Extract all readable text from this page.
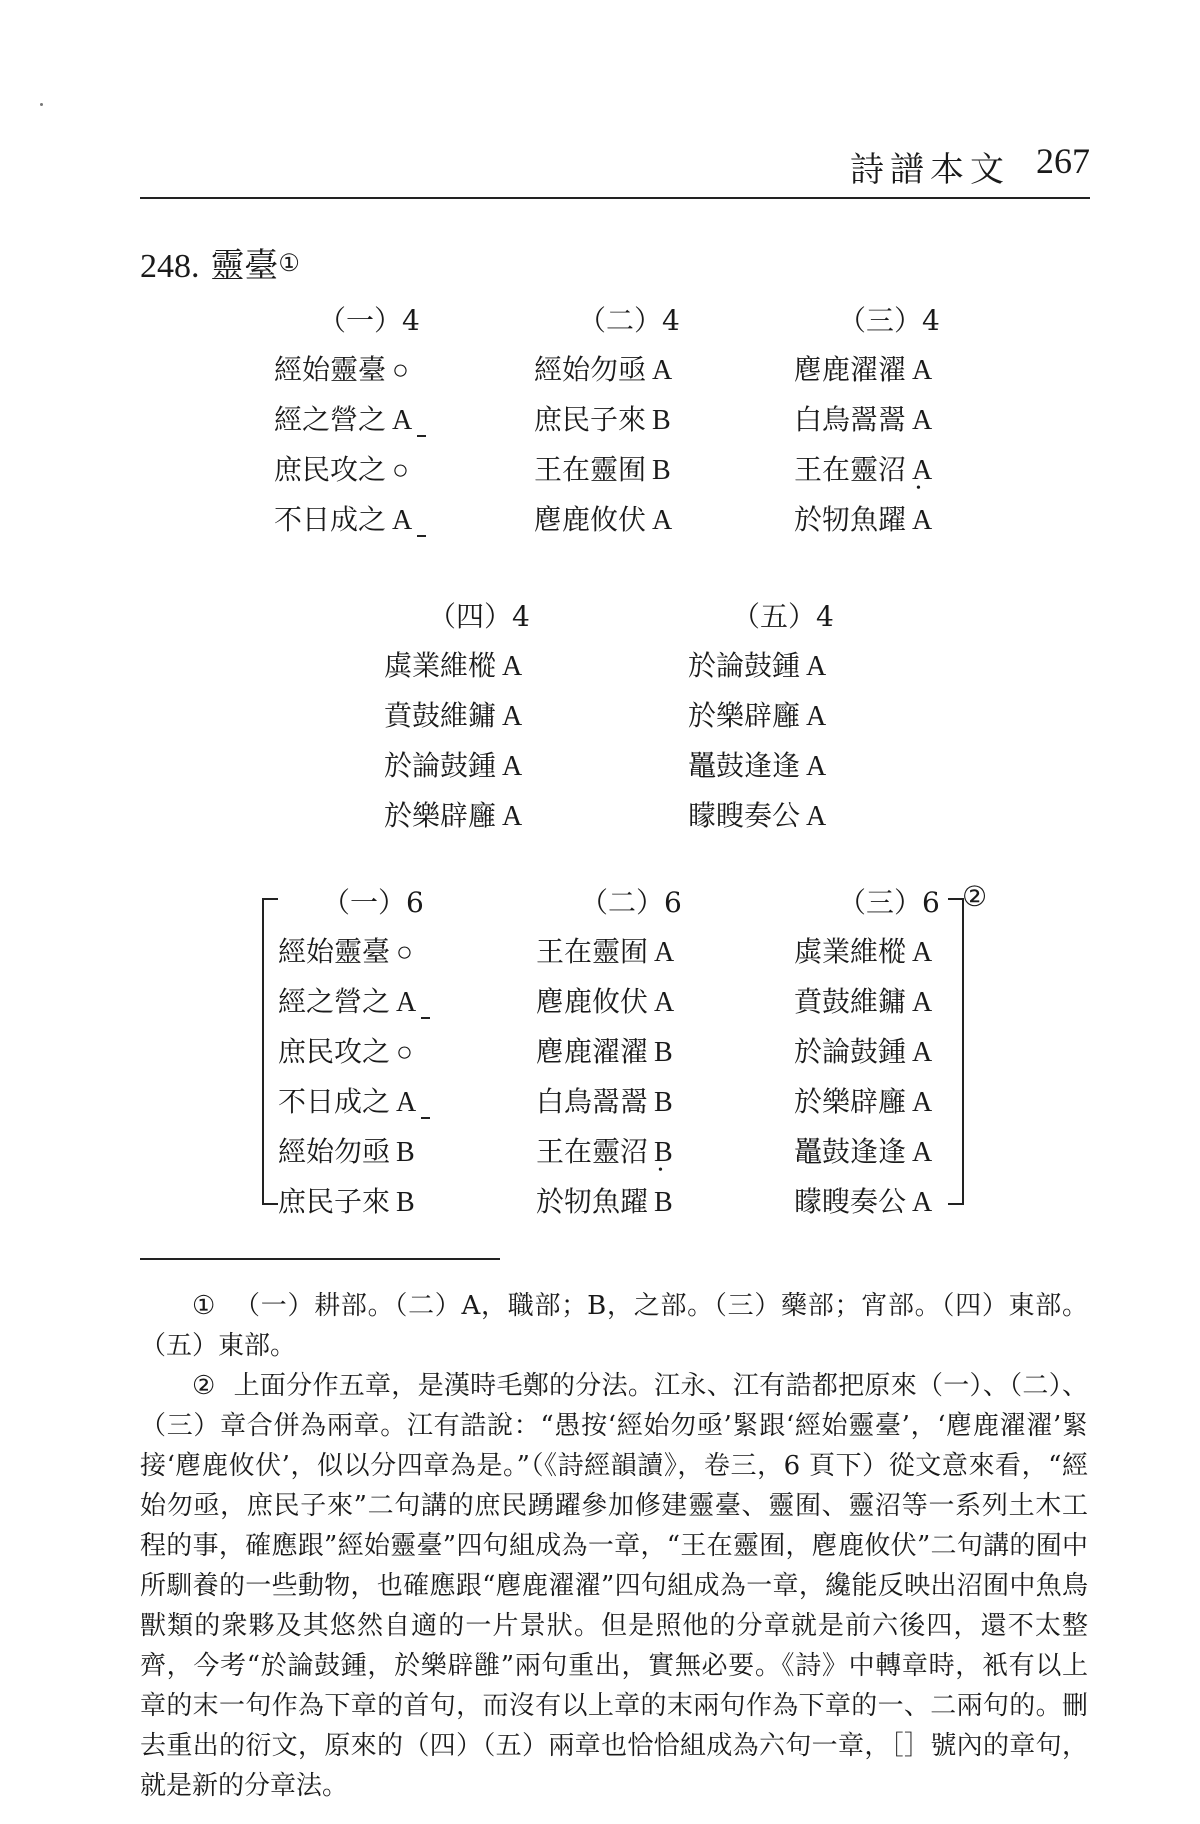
詩譜本文 267
248. 靈臺①
（一）4
經始靈臺 ○
經之營之 A
庶民攻之 ○
不日成之 A
（二）4
經始勿亟 A
庶民子來 B
王在靈囿 B
麀鹿攸伏 A
（三）4
麀鹿濯濯 A
白鳥翯翯 A
王在靈沼 A •
於牣魚躍 A
（四）4
虡業維樅 A
賁鼓維鏞 A
於論鼓鍾 A
於樂辟廱 A
（五）4
於論鼓鍾 A
於樂辟廱 A
鼉鼓逢逢 A
矇瞍奏公 A
②
（一）6
經始靈臺 ○
經之營之 A
庶民攻之 ○
不日成之 A
經始勿亟 B
庶民子來 B
（二）6
王在靈囿 A
麀鹿攸伏 A
麀鹿濯濯 B
白鳥翯翯 B
王在靈沼 B •
於牣魚躍 B
（三）6
虡業維樅 A
賁鼓維鏞 A
於論鼓鍾 A
於樂辟廱 A
鼉鼓逢逢 A
矇瞍奏公 A

① （一）耕部。（二）A，職部；B，之部。（三）藥部；宵部。（四）東部。（五）東部。

② 上面分作五章，是漢時毛鄭的分法。江永、江有誥都把原來（一）、（二）、（三）章合併為兩章。江有誥說：“愚按‘經始勿亟’緊跟‘經始靈臺’，‘麀鹿濯濯’緊接‘麀鹿攸伏’，似以分四章為是。”（《詩經韻讀》，卷三，6 頁下）從文意來看，“經始勿亟，庶民子來”二句講的庶民踴躍參加修建靈臺、靈囿、靈沼等一系列土木工程的事，確應跟”經始靈臺”四句組成為一章，“王在靈囿，麀鹿攸伏”二句講的囿中所馴養的一些動物，也確應跟“麀鹿濯濯”四句組成為一章，纔能反映出沼囿中魚鳥獸類的衆夥及其悠然自適的一片景狀。但是照他的分章就是前六後四，還不太整齊，今考“於論鼓鍾，於樂辟雝”兩句重出，實無必要。《詩》中轉章時，衹有以上章的末一句作為下章的首句，而沒有以上章的末兩句作為下章的一、二兩句的。刪去重出的衍文，原來的（四）（五）兩章也恰恰組成為六句一章，［］號內的章句，就是新的分章法。
